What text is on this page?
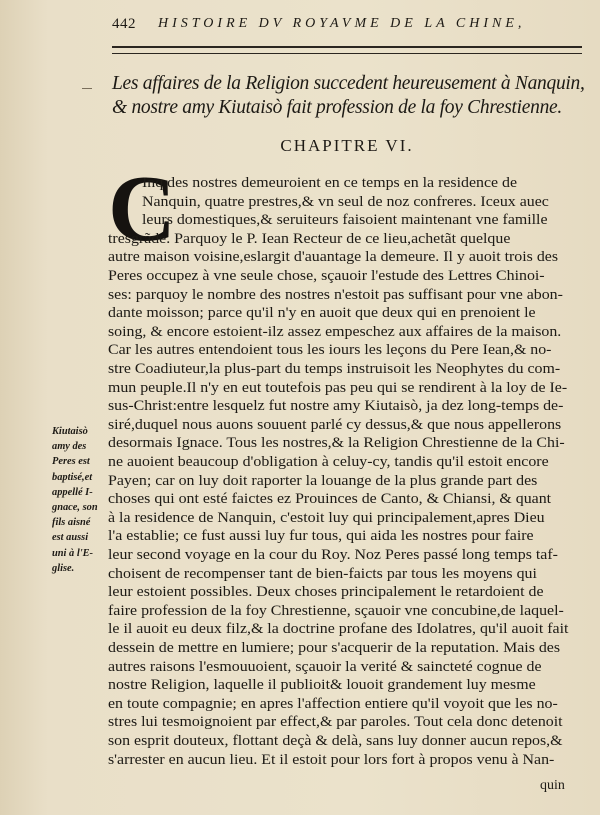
442 HISTOIRE DV ROYAVME DE LA CHINE,
Les affaires de la Religion succedent heureusement à Nanquin,
& nostre amy Kiutaisò fait profession de la foy Chrestienne.
CHAPITRE VI.
C
Inq des nostres demeuroient en ce temps en la residence de
Nanquin, quatre prestres,& vn seul de noz confreres. Iceux auec
leurs domestiques,& seruiteurs faisoient maintenant vne famille
tresgrãde. Parquoy le P. Iean Recteur de ce lieu,achetãt quelque
autre maison voisine,eslargit d'auantage la demeure. Il y auoit trois des
Peres occupez à vne seule chose, sçauoir l'estude des Lettres Chinoi-
ses: parquoy le nombre des nostres n'estoit pas suffisant pour vne abon-
dante moisson; parce qu'il n'y en auoit que deux qui en prenoient le
soing, & encore estoient-ilz assez empeschez aux affaires de la maison.
Car les autres entendoient tous les iours les leçons du Pere Iean,& no-
stre Coadiuteur,la plus-part du temps instruisoit les Neophytes du com-
mun peuple.Il n'y en eut toutefois pas peu qui se rendirent à la loy de Ie-
sus-Christ:entre lesquelz fut nostre amy Kiutaisò, ja dez long-temps de-
siré,duquel nous auons souuent parlé cy dessus,& que nous appellerons
desormais Ignace. Tous les nostres,& la Religion Chrestienne de la Chi-
ne auoient beaucoup d'obligation à celuy-cy, tandis qu'il estoit encore
Payen; car on luy doit raporter la louange de la plus grande part des
choses qui ont esté faictes ez Prouinces de Canto, & Chiansi, & quant
à la residence de Nanquin, c'estoit luy qui principalement,apres Dieu
l'a establie; ce fust aussi luy fur tous, qui aida les nostres pour faire
leur second voyage en la cour du Roy. Noz Peres passé long temps taf-
choisent de recompenser tant de bien-faicts par tous les moyens qui
leur estoient possibles. Deux choses principalement le retardoient de
faire profession de la foy Chrestienne, sçauoir vne concubine,de laquel-
le il auoit eu deux filz,& la doctrine profane des Idolatres, qu'il auoit fait
dessein de mettre en lumiere; pour s'acquerir de la reputation. Mais des
autres raisons l'esmouuoient, sçauoir la verité & saincteté cognue de
nostre Religion, laquelle il publioit& louoit grandement luy mesme
en toute compagnie; en apres l'affection entiere qu'il voyoit que les no-
stres lui tesmoignoient par effect,& par paroles. Tout cela donc detenoit
son esprit douteux, flottant deçà & delà, sans luy donner aucun repos,&
s'arrester en aucun lieu. Et il estoit pour lors fort à propos venu à Nan-
Kiutaisò
amy des
Peres est
baptisé,et
appellé I-
gnace, son
fils aisné
est aussi
uni à l'E-
glise.
quin
